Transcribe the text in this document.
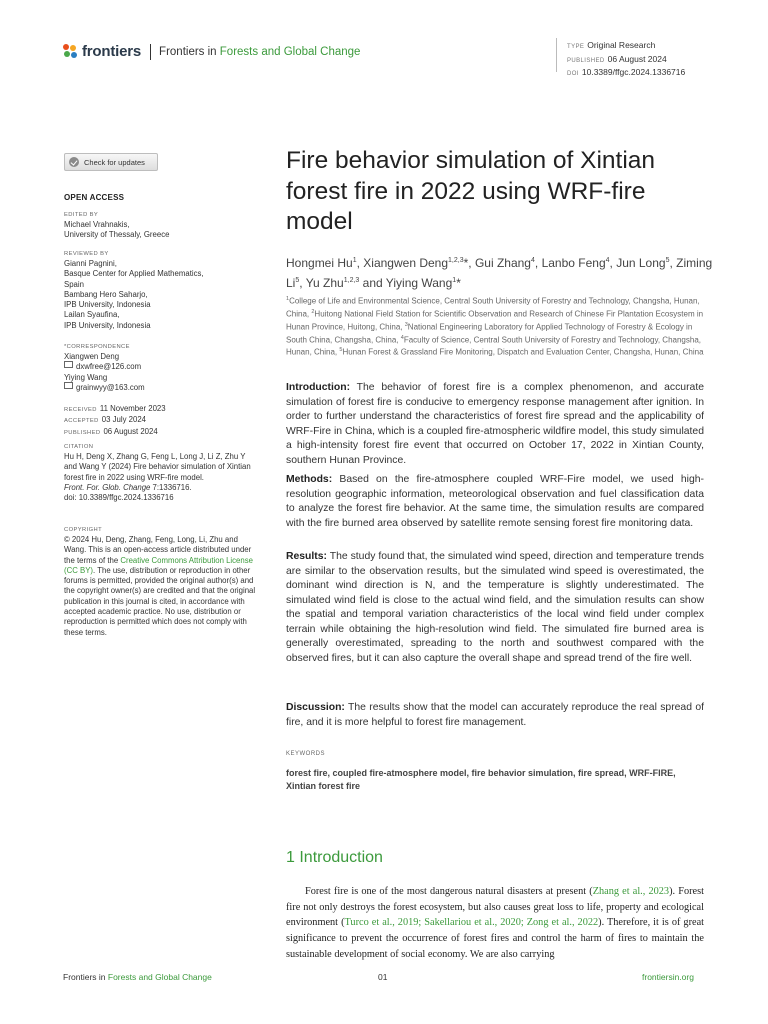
frontiers Frontiers in Forests and Global Change	TYPE Original Research
PUBLISHED 06 August 2024
DOI 10.3389/ffgc.2024.1336716
Check for updates
OPEN ACCESS
EDITED BY
Michael Vrahnakis,
University of Thessaly, Greece
REVIEWED BY
Gianni Pagnini,
Basque Center for Applied Mathematics,
Spain
Bambang Hero Saharjo,
IPB University, Indonesia
Lailan Syaufina,
IPB University, Indonesia
*CORRESPONDENCE
Xiangwen Deng
dxwfree@126.com
Yiying Wang
grainwyy@163.com
RECEIVED 11 November 2023
ACCEPTED 03 July 2024
PUBLISHED 06 August 2024
CITATION
Hu H, Deng X, Zhang G, Feng L, Long J, Li Z, Zhu Y and Wang Y (2024) Fire behavior simulation of Xintian forest fire in 2022 using WRF-fire model.
Front. For. Glob. Change 7:1336716.
doi: 10.3389/ffgc.2024.1336716
COPYRIGHT
© 2024 Hu, Deng, Zhang, Feng, Long, Li, Zhu and Wang. This is an open-access article distributed under the terms of the Creative Commons Attribution License (CC BY). The use, distribution or reproduction in other forums is permitted, provided the original author(s) and the copyright owner(s) are credited and that the original publication in this journal is cited, in accordance with accepted academic practice. No use, distribution or reproduction is permitted which does not comply with these terms.
Fire behavior simulation of Xintian forest fire in 2022 using WRF-fire model
Hongmei Hu$^1$, Xiangwen Deng$^{1,2,3}$*, Gui Zhang$^4$, Lanbo Feng$^4$, Jun Long$^5$, Ziming Li$^5$, Yu Zhu$^{1,2,3}$ and Yiying Wang$^1$*
$^1$College of Life and Environmental Science, Central South University of Forestry and Technology, Changsha, Hunan, China, $^2$Huitong National Field Station for Scientific Observation and Research of Chinese Fir Plantation Ecosystem in Hunan Province, Huitong, China, $^3$National Engineering Laboratory for Applied Technology of Forestry & Ecology in South China, Changsha, China, $^4$Faculty of Science, Central South University of Forestry and Technology, Changsha, Hunan, China, $^5$Hunan Forest & Grassland Fire Monitoring, Dispatch and Evaluation Center, Changsha, Hunan, China
Introduction: The behavior of forest fire is a complex phenomenon, and accurate simulation of forest fire is conducive to emergency response management after ignition. In order to further understand the characteristics of forest fire spread and the applicability of WRF-Fire in China, which is a coupled fire-atmospheric wildfire model, this study simulated a high-intensity forest fire event that occurred on October 17, 2022 in Xintian County, southern Hunan Province.
Methods: Based on the fire-atmosphere coupled WRF-Fire model, we used high-resolution geographic information, meteorological observation and fuel classification data to analyze the forest fire behavior. At the same time, the simulation results are compared with the fire burned area observed by satellite remote sensing forest fire monitoring data.
Results: The study found that, the simulated wind speed, direction and temperature trends are similar to the observation results, but the simulated wind speed is overestimated, the dominant wind direction is N, and the temperature is slightly underestimated. The simulated wind field is close to the actual wind field, and the simulation results can show the spatial and temporal variation characteristics of the local wind field under complex terrain while obtaining the high-resolution wind field. The simulated fire burned area is generally overestimated, spreading to the north and southwest compared with the observed fires, but it can also capture the overall shape and spread trend of the fire well.
Discussion: The results show that the model can accurately reproduce the real spread of fire, and it is more helpful to forest fire management.
KEYWORDS
forest fire, coupled fire-atmosphere model, fire behavior simulation, fire spread, WRF-FIRE, Xintian forest fire
1 Introduction
Forest fire is one of the most dangerous natural disasters at present (Zhang et al., 2023). Forest fire not only destroys the forest ecosystem, but also causes great loss to life, property and ecological environment (Turco et al., 2019; Sakellariou et al., 2020; Zong et al., 2022). Therefore, it is of great significance to prevent the occurrence of forest fires and control the harm of fires to maintain the sustainable development of social economy. We are also carrying
Frontiers in Forests and Global Change	01	frontiersin.org
